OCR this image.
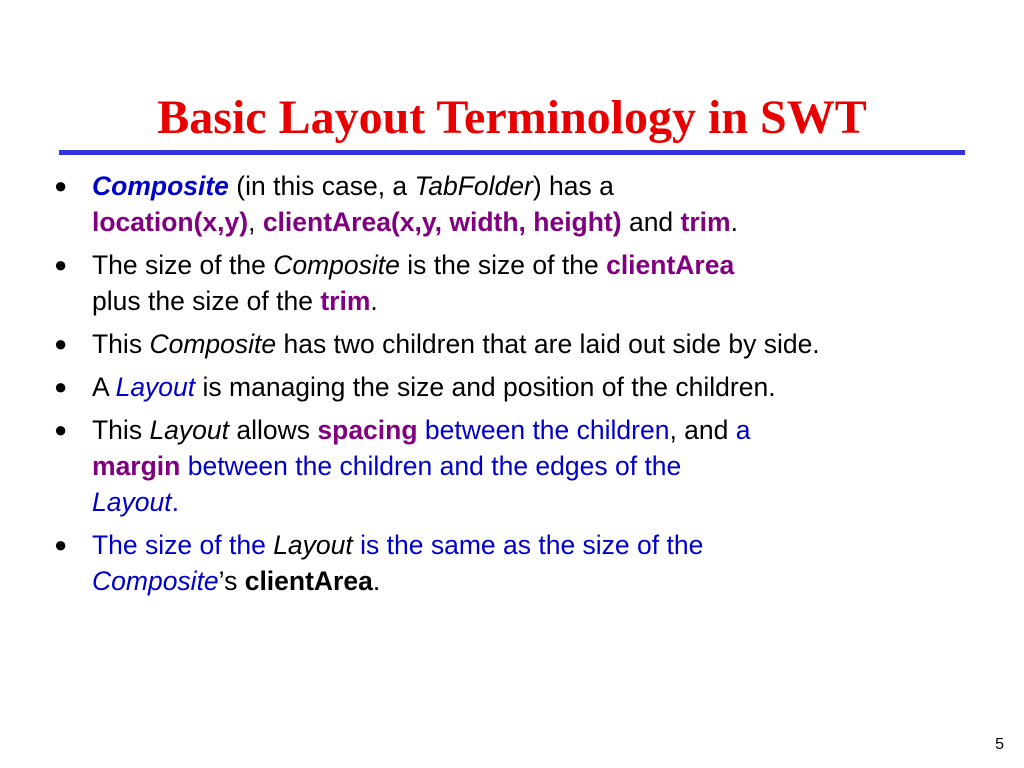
Basic Layout Terminology in SWT
● Composite (in this case, a TabFolder) has a
location(x,y), clientArea(x,y, width, height) and trim.
● The size of the Composite is the size of the clientArea
plus the size of the trim.
● This Composite has two children that are laid out side by side.
● A Layout is managing the size and position of the children.
● This Layout allows spacing between the children, and a
margin between the children and the edges of the
Layout.
● The size of the Layout is the same as the size of the
Composite’s clientArea.
5
